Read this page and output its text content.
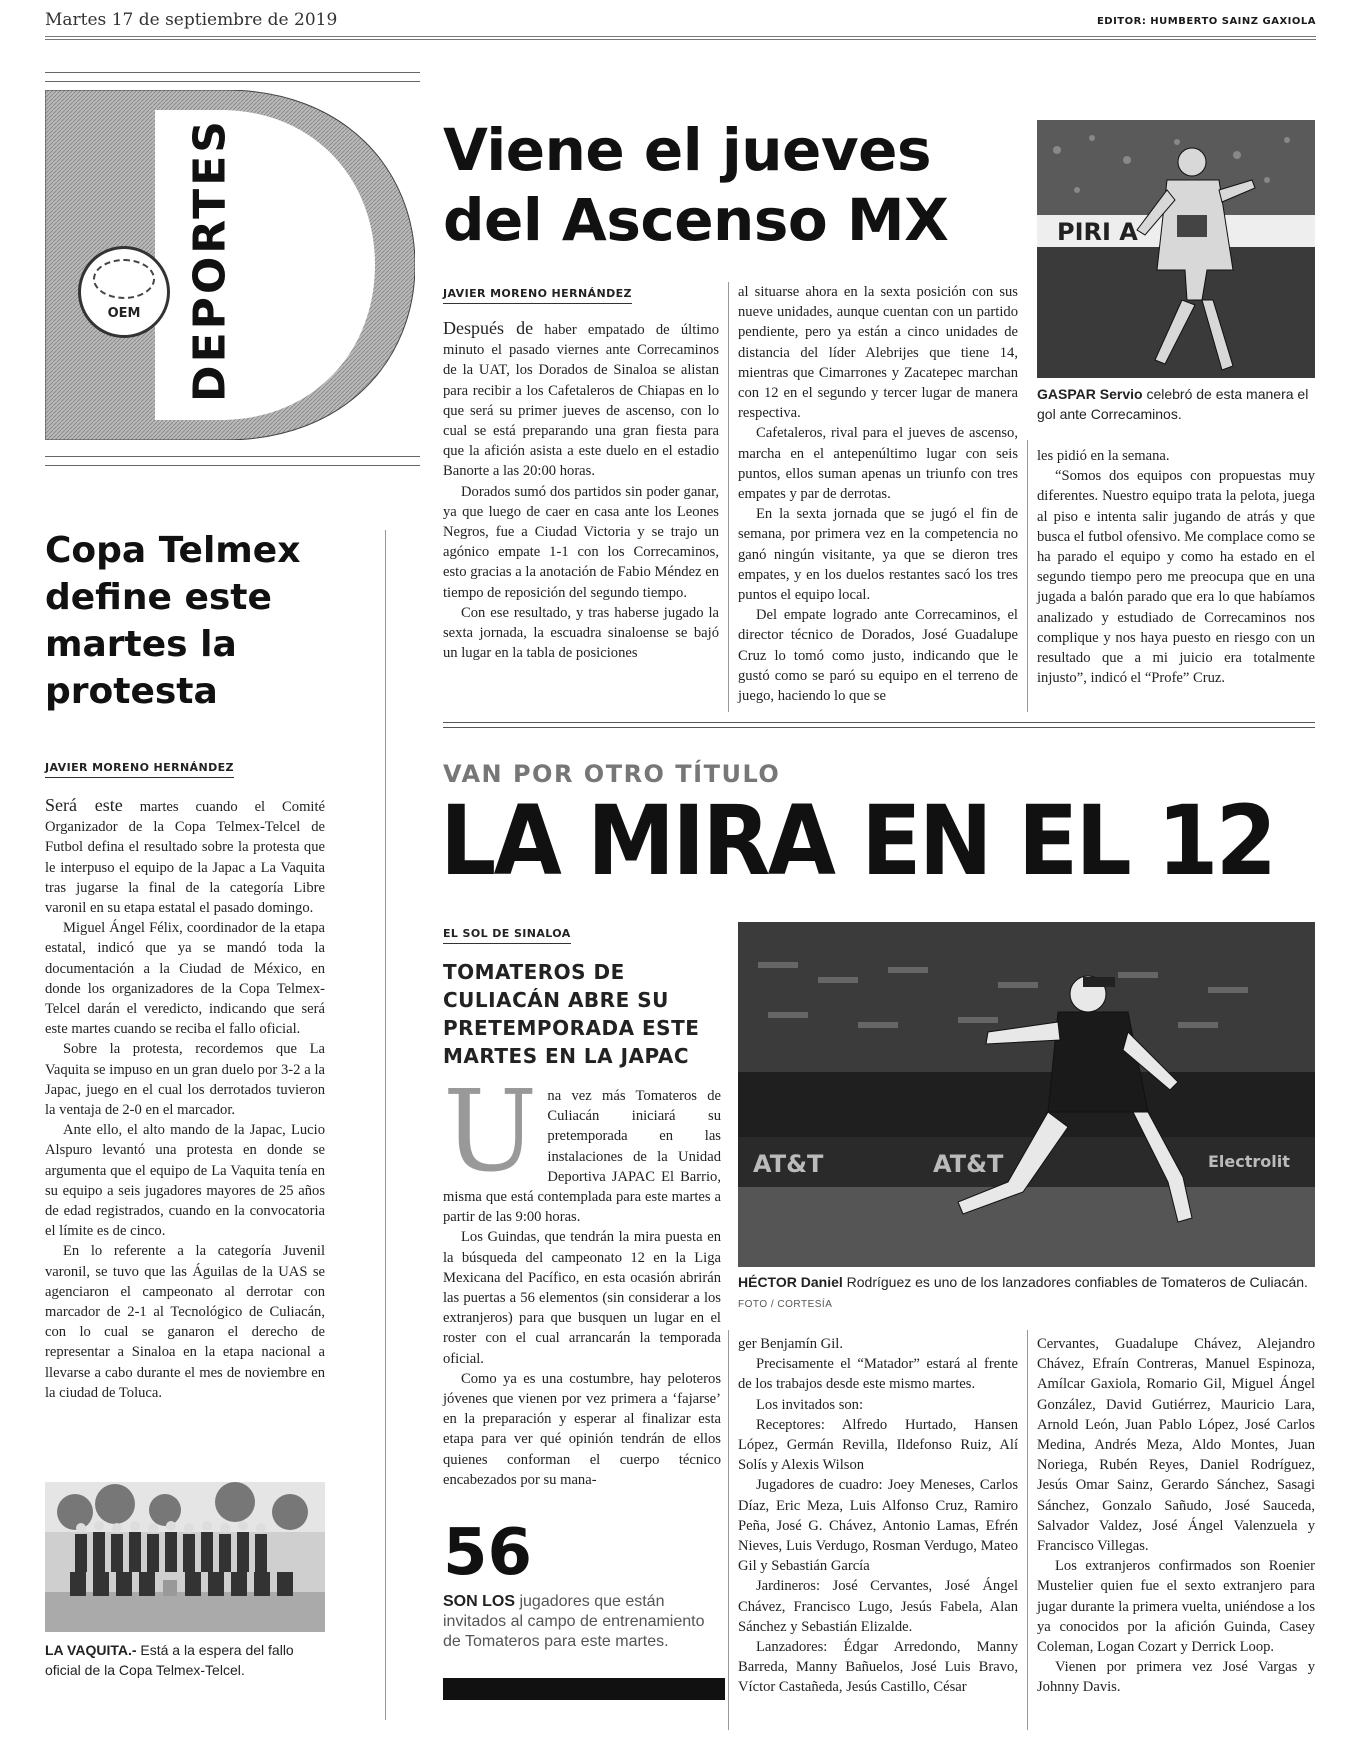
Martes 17 de septiembre de 2019	EDITOR: HUMBERTO SAINZ GAXIOLA
DEPORTES
OEM
Viene el jueves del Ascenso MX
JAVIER MORENO HERNÁNDEZ

Después de haber empatado de último minuto el pasado viernes ante Correcaminos de la UAT, los Dorados de Sinaloa se alistan para recibir a los Cafetaleros de Chiapas en lo que será su primer jueves de ascenso, con lo cual se está preparando una gran fiesta para que la afición asista a este duelo en el estadio Banorte a las 20:00 horas.

Dorados sumó dos partidos sin poder ganar, ya que luego de caer en casa ante los Leones Negros, fue a Ciudad Victoria y se trajo un agónico empate 1-1 con los Correcaminos, esto gracias a la anotación de Fabio Méndez en tiempo de reposición del segundo tiempo.

Con ese resultado, y tras haberse jugado la sexta jornada, la escuadra sinaloense se bajó un lugar en la tabla de posiciones

al situarse ahora en la sexta posición con sus nueve unidades, aunque cuentan con un partido pendiente, pero ya están a cinco unidades de distancia del líder Alebrijes que tiene 14, mientras que Cimarrones y Zacatepec marchan con 12 en el segundo y tercer lugar de manera respectiva.

Cafetaleros, rival para el jueves de ascenso, marcha en el antepenúltimo lugar con seis puntos, ellos suman apenas un triunfo con tres empates y par de derrotas.

En la sexta jornada que se jugó el fin de semana, por primera vez en la competencia no ganó ningún visitante, ya que se dieron tres empates, y en los duelos restantes sacó los tres puntos el equipo local.

Del empate logrado ante Correcaminos, el director técnico de Dorados, José Guadalupe Cruz lo tomó como justo, indicando que le gustó como se paró su equipo en el terreno de juego, haciendo lo que se

les pidió en la semana.

“Somos dos equipos con propuestas muy diferentes. Nuestro equipo trata la pelota, juega al piso e intenta salir jugando de atrás y que busca el futbol ofensivo. Me complace como se ha parado el equipo y como ha estado en el segundo tiempo pero me preocupa que en una jugada a balón parado que era lo que habíamos analizado y estudiado de Correcaminos nos complique y nos haya puesto en riesgo con un resultado que a mi juicio era totalmente injusto”, indicó el “Profe” Cruz.

PIRI A
GASPAR Servio celebró de esta manera el gol ante Correcaminos.
Copa Telmex define este martes la protesta
JAVIER MORENO HERNÁNDEZ

Será este martes cuando el Comité Organizador de la Copa Telmex-Telcel de Futbol defina el resultado sobre la protesta que le interpuso el equipo de la Japac a La Vaquita tras jugarse la final de la categoría Libre varonil en su etapa estatal el pasado domingo.

Miguel Ángel Félix, coordinador de la etapa estatal, indicó que ya se mandó toda la documentación a la Ciudad de México, en donde los organizadores de la Copa Telmex-Telcel darán el veredicto, indicando que será este martes cuando se reciba el fallo oficial.

Sobre la protesta, recordemos que La Vaquita se impuso en un gran duelo por 3-2 a la Japac, juego en el cual los derrotados tuvieron la ventaja de 2-0 en el marcador.

Ante ello, el alto mando de la Japac, Lucio Alspuro levantó una protesta en donde se argumenta que el equipo de La Vaquita tenía en su equipo a seis jugadores mayores de 25 años de edad registrados, cuando en la convocatoria el límite es de cinco.

En lo referente a la categoría Juvenil varonil, se tuvo que las Águilas de la UAS se agenciaron el campeonato al derrotar con marcador de 2-1 al Tecnológico de Culiacán, con lo cual se ganaron el derecho de representar a Sinaloa en la etapa nacional a llevarse a cabo durante el mes de noviembre en la ciudad de Toluca.

LA VAQUITA.- Está a la espera del fallo oficial de la Copa Telmex-Telcel.
VAN POR OTRO TÍTULO
LA MIRA EN EL 12
EL SOL DE SINALOA
TOMATEROS DE CULIACÁN ABRE SU PRETEMPORADA ESTE MARTES EN LA JAPAC

Una vez más Tomateros de Culiacán iniciará su pretemporada en las instalaciones de la Unidad Deportiva JAPAC El Barrio, misma que está contemplada para este martes a partir de las 9:00 horas.

Los Guindas, que tendrán la mira puesta en la búsqueda del campeonato 12 en la Liga Mexicana del Pacífico, en esta ocasión abrirán las puertas a 56 elementos (sin considerar a los extranjeros) para que busquen un lugar en el roster con el cual arrancarán la temporada oficial.

Como ya es una costumbre, hay peloteros jóvenes que vienen por vez primera a ‘fajarse’ en la preparación y esperar al finalizar esta etapa para ver qué opinión tendrán de ellos quienes conforman el cuerpo técnico encabezados por su mana-

56
SON LOS jugadores que están invitados al campo de entrenamiento de Tomateros para este martes.
AT&T	AT&T	Electrolit
HÉCTOR Daniel Rodríguez es uno de los lanzadores confiables de Tomateros de Culiacán. FOTO / CORTESÍA

ger Benjamín Gil.

Precisamente el “Matador” estará al frente de los trabajos desde este mismo martes.

Los invitados son:

Receptores: Alfredo Hurtado, Hansen López, Germán Revilla, Ildefonso Ruiz, Alí Solís y Alexis Wilson

Jugadores de cuadro: Joey Meneses, Carlos Díaz, Eric Meza, Luis Alfonso Cruz, Ramiro Peña, José G. Chávez, Antonio Lamas, Efrén Nieves, Luis Verdugo, Rosman Verdugo, Mateo Gil y Sebastián García

Jardineros: José Cervantes, José Ángel Chávez, Francisco Lugo, Jesús Fabela, Alan Sánchez y Sebastián Elizalde.

Lanzadores: Édgar Arredondo, Manny Barreda, Manny Bañuelos, José Luis Bravo, Víctor Castañeda, Jesús Castillo, César

Cervantes, Guadalupe Chávez, Alejandro Chávez, Efraín Contreras, Manuel Espinoza, Amílcar Gaxiola, Romario Gil, Miguel Ángel González, David Gutiérrez, Mauricio Lara, Arnold León, Juan Pablo López, José Carlos Medina, Andrés Meza, Aldo Montes, Juan Noriega, Rubén Reyes, Daniel Rodríguez, Jesús Omar Sainz, Gerardo Sánchez, Sasagi Sánchez, Gonzalo Sañudo, José Sauceda, Salvador Valdez, José Ángel Valenzuela y Francisco Villegas.

Los extranjeros confirmados son Roenier Mustelier quien fue el sexto extranjero para jugar durante la primera vuelta, uniéndose a los ya conocidos por la afición Guinda, Casey Coleman, Logan Cozart y Derrick Loop.

Vienen por primera vez José Vargas y Johnny Davis.
